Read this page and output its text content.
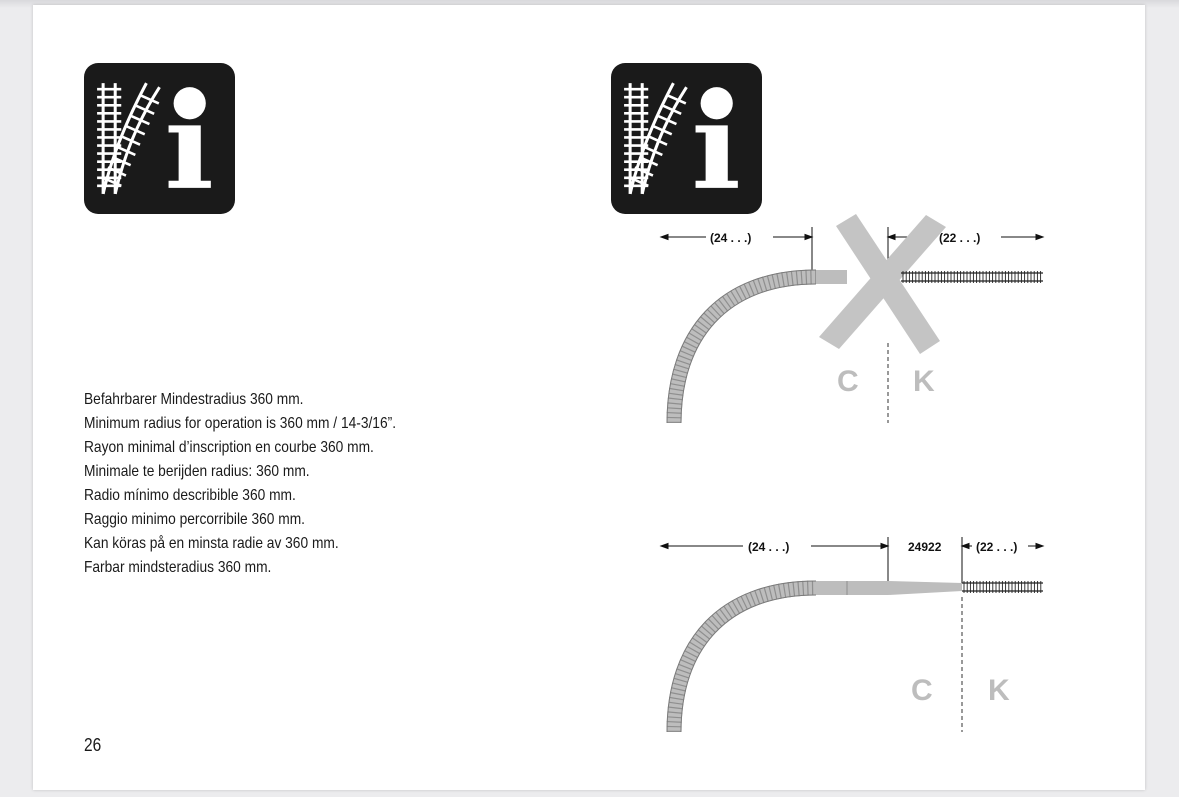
Befahrbarer Mindestradius 360 mm.
Minimum radius for operation is 360 mm / 14-3/16”.
Rayon minimal d’inscription en courbe 360 mm.
Minimale te berijden radius: 360 mm.
Radio mínimo describible 360 mm.
Raggio minimo percorribile 360 mm.
Kan köras på en minsta radie av 360 mm.
Farbar mindsteradius 360 mm.
26
(24 . . .)	(22 . . .)
C K
(24 . . .)	24922	(22 . . .)
C K
